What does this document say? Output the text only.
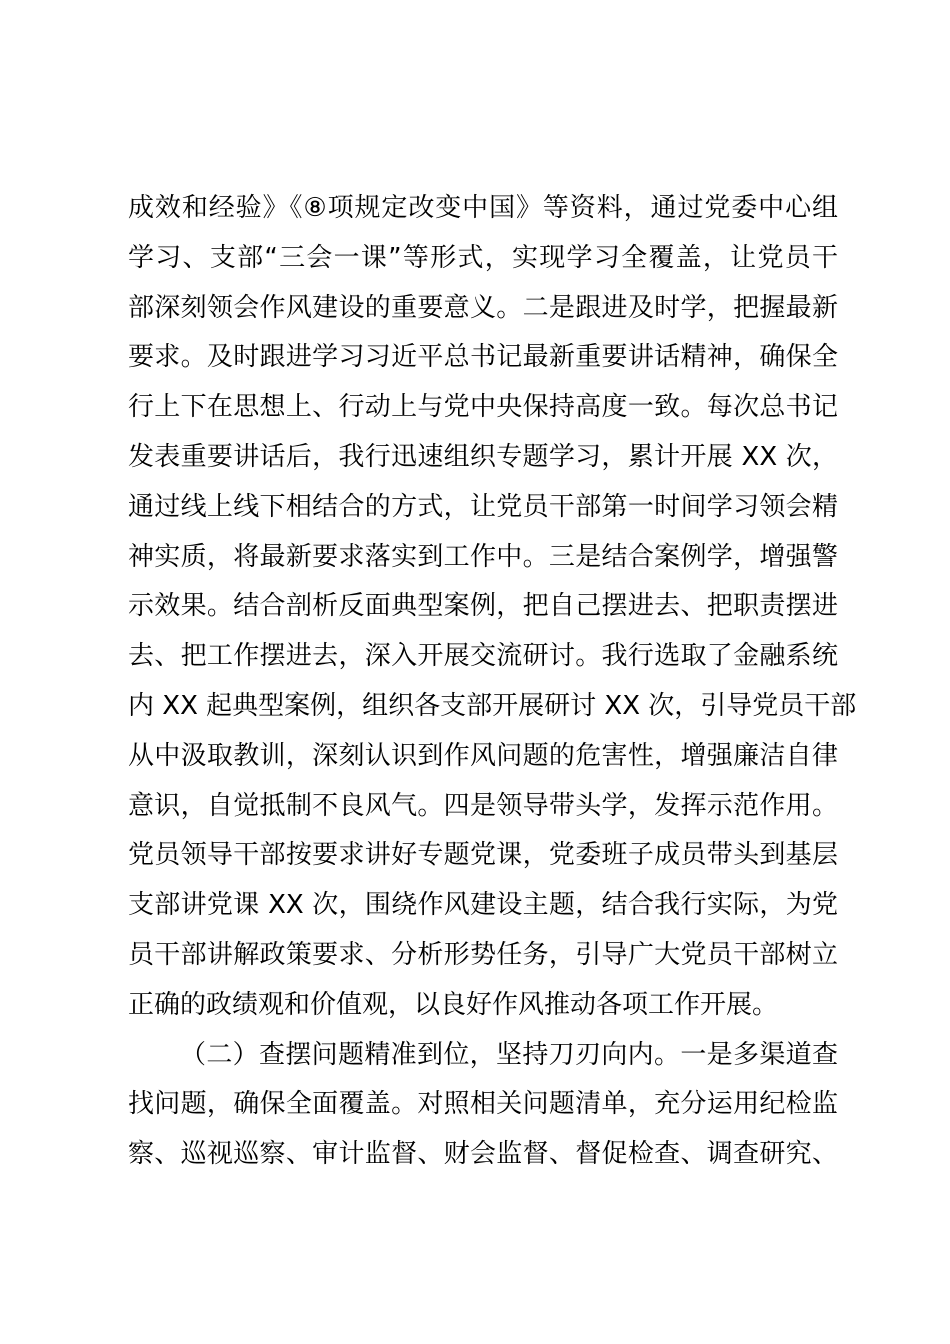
成效和经验》《⑧项规定改变中国》等资料，通过党委中心组
学习、支部“三会一课”等形式，实现学习全覆盖，让党员干
部深刻领会作风建设的重要意义。二是跟进及时学，把握最新
要求。及时跟进学习习近平总书记最新重要讲话精神，确保全
行上下在思想上、行动上与党中央保持高度一致。每次总书记
发表重要讲话后，我行迅速组织专题学习，累计开展 XX 次，
通过线上线下相结合的方式，让党员干部第一时间学习领会精
神实质，将最新要求落实到工作中。三是结合案例学，增强警
示效果。结合剖析反面典型案例，把自己摆进去、把职责摆进
去、把工作摆进去，深入开展交流研讨。我行选取了金融系统
内 XX 起典型案例，组织各支部开展研讨 XX 次，引导党员干部
从中汲取教训，深刻认识到作风问题的危害性，增强廉洁自律
意识，自觉抵制不良风气。四是领导带头学，发挥示范作用。
党员领导干部按要求讲好专题党课，党委班子成员带头到基层
支部讲党课 XX 次，围绕作风建设主题，结合我行实际，为党
员干部讲解政策要求、分析形势任务，引导广大党员干部树立
正确的政绩观和价值观，以良好作风推动各项工作开展。
（二）查摆问题精准到位，坚持刀刃向内。一是多渠道查
找问题，确保全面覆盖。对照相关问题清单，充分运用纪检监
察、巡视巡察、审计监督、财会监督、督促检查、调查研究、
